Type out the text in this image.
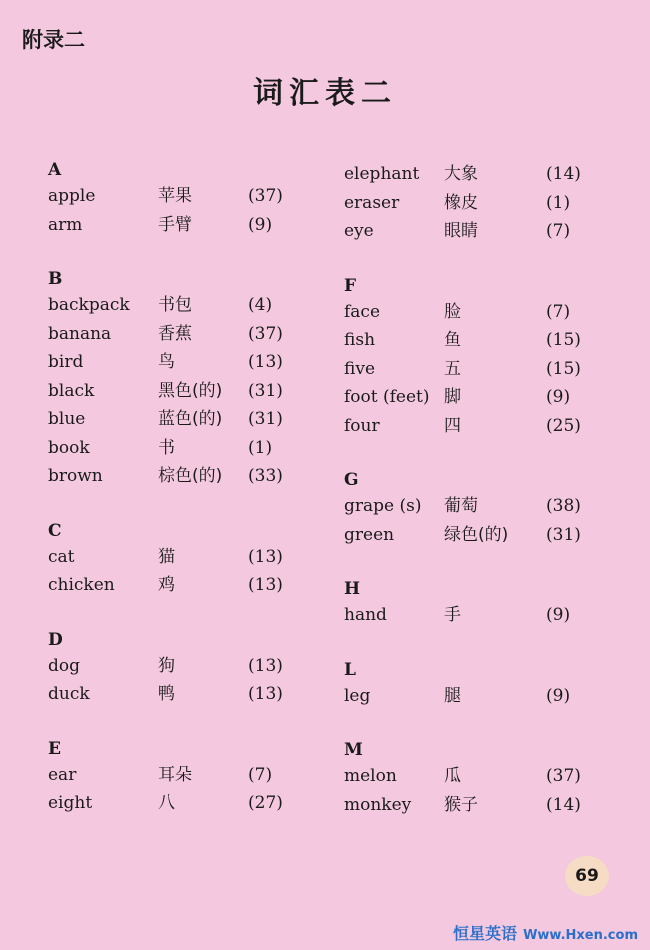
附录二
词汇表二
A
apple	苹果	(37)
arm	手臂	(9)
B
backpack 书包	(4)
banana	香蕉	(37)
bird	鸟	(13)
black	黑色(的) (31)
blue	蓝色(的) (31)
book	书	(1)
brown	棕色(的) (33)
C
cat	猫	(13)
chicken	鸡	(13)
D
dog	狗	(13)
duck	鸭	(13)
E
ear	耳朵	(7)
eight	八	(27)
elephant 大象	(14)
eraser	橡皮	(1)
eye	眼睛	(7)
F
face	脸	(7)
fish	鱼	(15)
five	五	(15)
foot (feet) 脚	(9)
four	四	(25)
G
grape (s) 葡萄	(38)
green	绿色(的) (31)
H
hand	手	(9)
L
leg	腿	(9)
M
melon	瓜	(37)
monkey 猴子	(14)
69
恒星英语 Www.Hxen.com
